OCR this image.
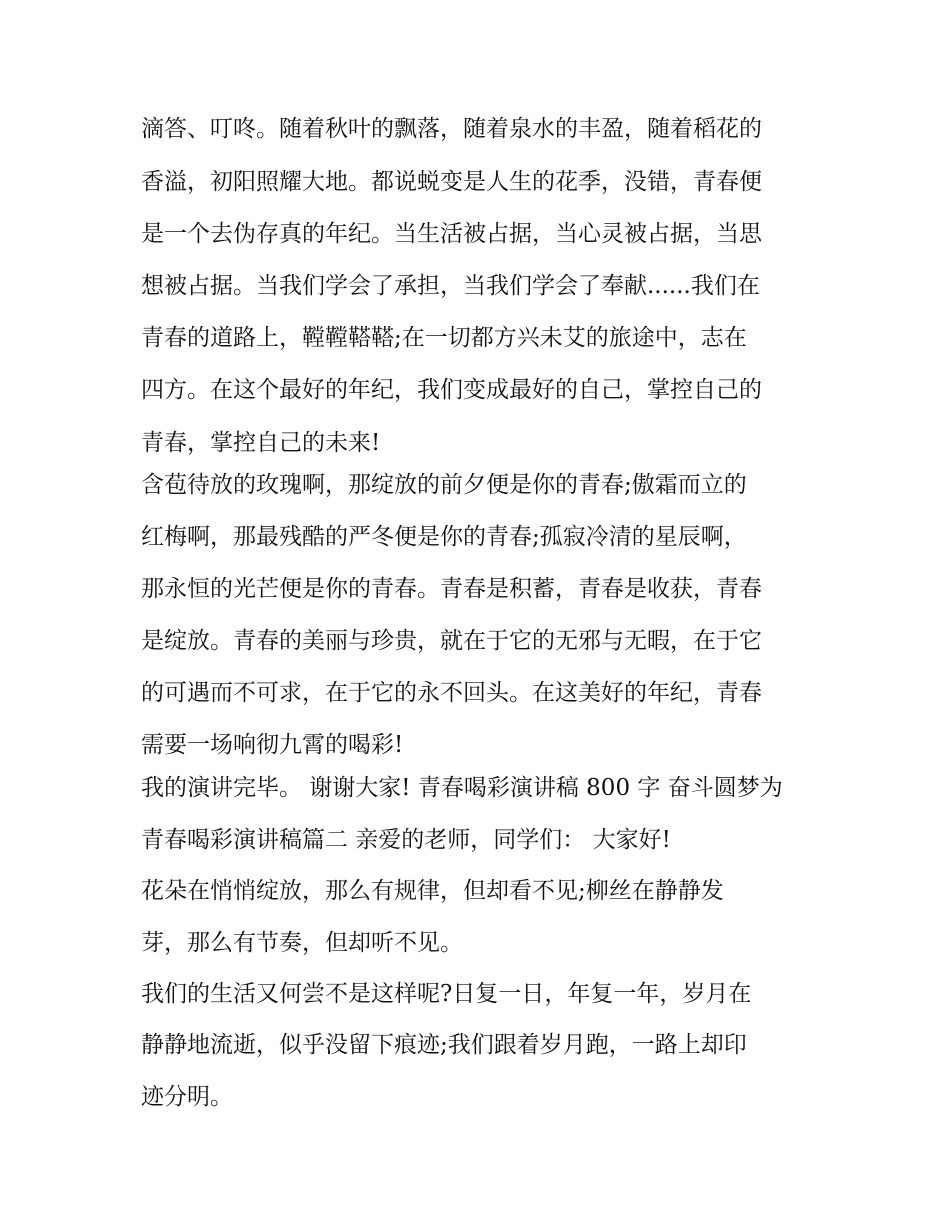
滴答、叮咚。随着秋叶的飘落，随着泉水的丰盈，随着稻花的
香溢，初阳照耀大地。都说蜕变是人生的花季，没错，青春便
是一个去伪存真的年纪。当生活被占据，当心灵被占据，当思
想被占据。当我们学会了承担，当我们学会了奉献......我们在
青春的道路上，鞺鞺鞳鞳;在一切都方兴未艾的旅途中，志在
四方。在这个最好的年纪，我们变成最好的自己，掌控自己的
青春，掌控自己的未来!
含苞待放的玫瑰啊，那绽放的前夕便是你的青春;傲霜而立的
红梅啊，那最残酷的严冬便是你的青春;孤寂冷清的星辰啊，
那永恒的光芒便是你的青春。青春是积蓄，青春是收获，青春
是绽放。青春的美丽与珍贵，就在于它的无邪与无暇，在于它
的可遇而不可求，在于它的永不回头。在这美好的年纪，青春
需要一场响彻九霄的喝彩!
我的演讲完毕。 谢谢大家! 青春喝彩演讲稿 800 字 奋斗圆梦为
青春喝彩演讲稿篇二 亲爱的老师，同学们： 大家好!
花朵在悄悄绽放，那么有规律，但却看不见;柳丝在静静发
芽，那么有节奏，但却听不见。
我们的生活又何尝不是这样呢?日复一日，年复一年，岁月在
静静地流逝，似乎没留下痕迹;我们跟着岁月跑，一路上却印
迹分明。
